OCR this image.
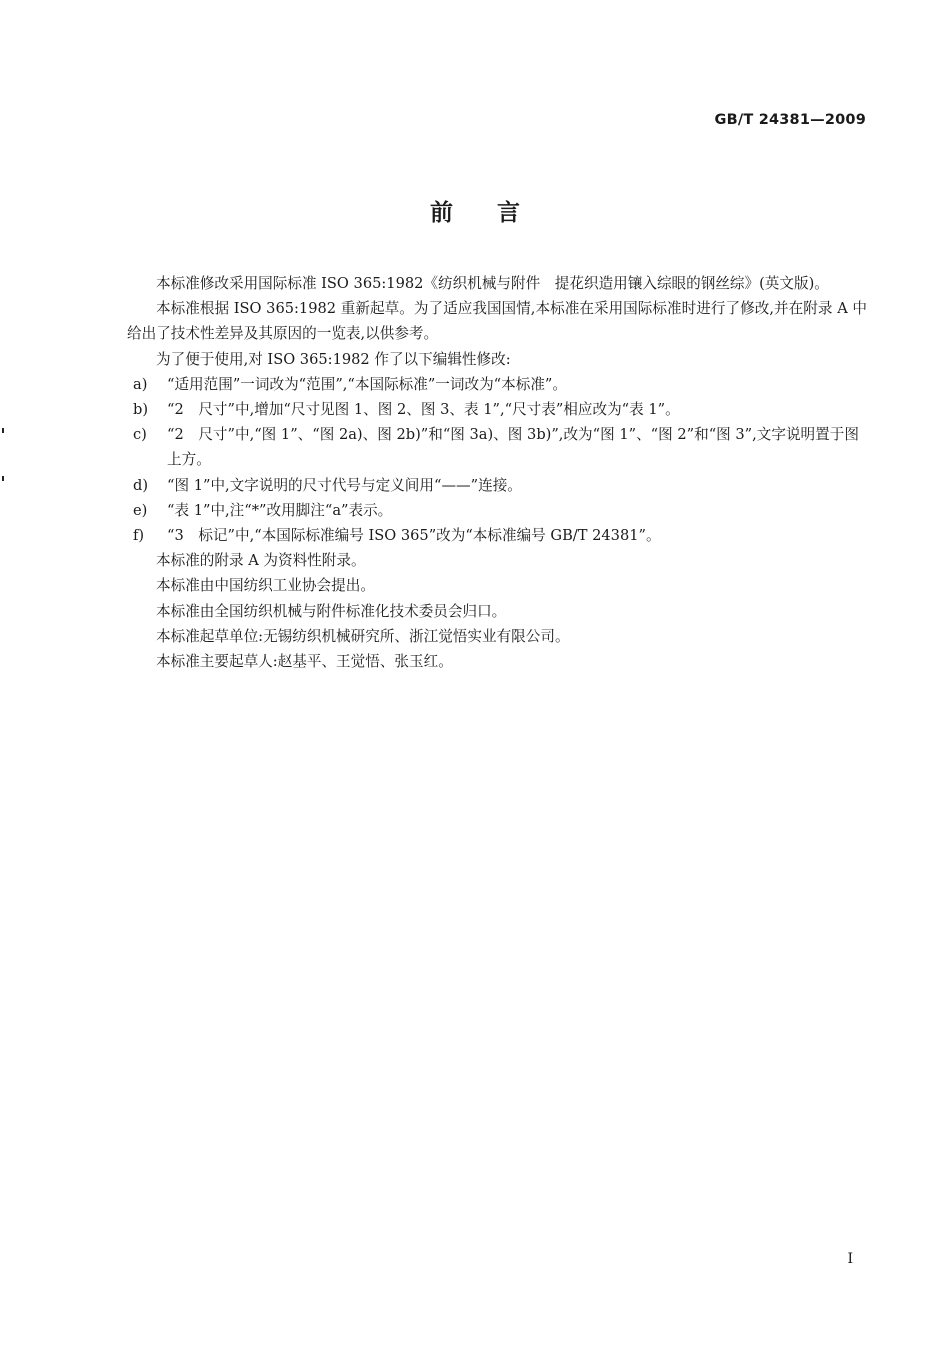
GB/T 24381—2009
前言

本标准修改采用国际标准 ISO 365:1982《纺织机械与附件　提花织造用镶入综眼的钢丝综》(英文版)。

本标准根据 ISO 365:1982 重新起草。为了适应我国国情,本标准在采用国际标准时进行了修改,并在附录 A 中给出了技术性差异及其原因的一览表,以供参考。

为了便于使用,对 ISO 365:1982 作了以下编辑性修改:

a)	“适用范围”一词改为“范围”,“本国际标准”一词改为“本标准”。
b)	“2　尺寸”中,增加“尺寸见图 1、图 2、图 3、表 1”,“尺寸表”相应改为“表 1”。
c)	“2　尺寸”中,“图 1”、“图 2a)、图 2b)”和“图 3a)、图 3b)”,改为“图 1”、“图 2”和“图 3”,文字说明置于图上方。
d)	“图 1”中,文字说明的尺寸代号与定义间用“——”连接。
e)	“表 1”中,注“*”改用脚注“a”表示。
f)	“3　标记”中,“本国际标准编号 ISO 365”改为“本标准编号 GB/T 24381”。

本标准的附录 A 为资料性附录。

本标准由中国纺织工业协会提出。

本标准由全国纺织机械与附件标准化技术委员会归口。

本标准起草单位:无锡纺织机械研究所、浙江觉悟实业有限公司。

本标准主要起草人:赵基平、王觉悟、张玉红。

I
